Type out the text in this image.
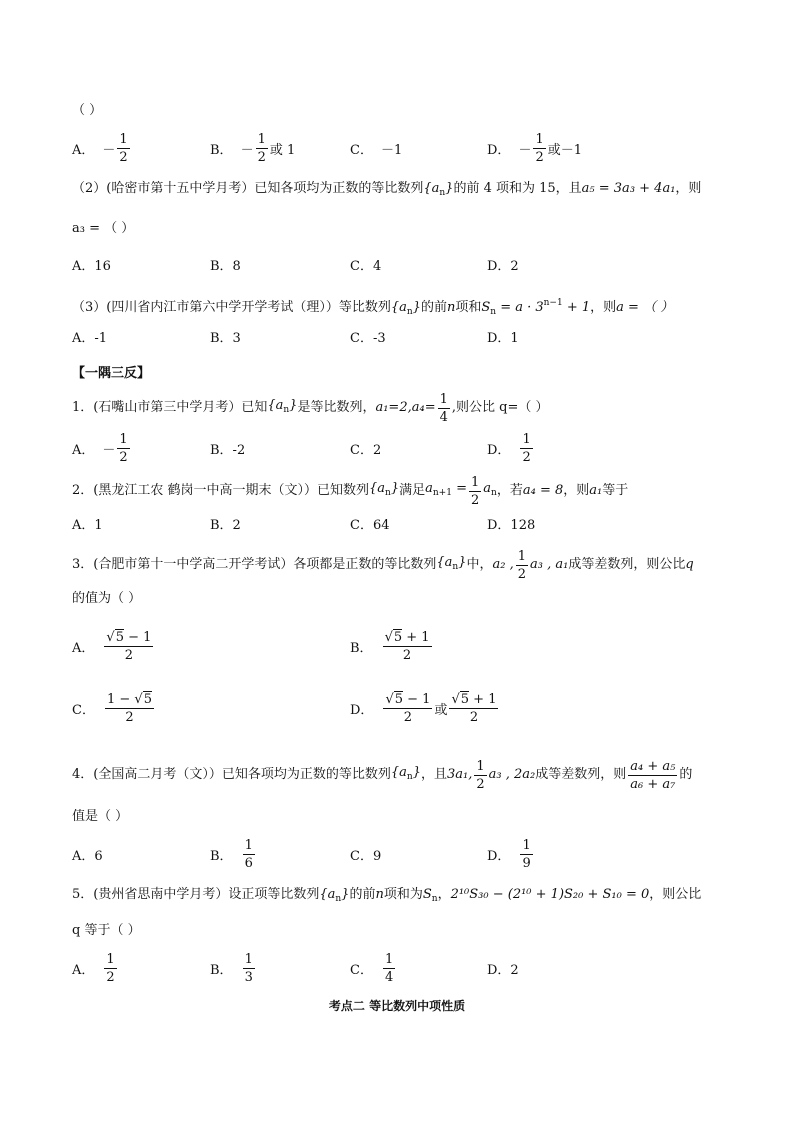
（ ）
A． － $\frac{1}{2}$	B． － $\frac{1}{2}$ 或 1	C． －1	D． － $\frac{1}{2}$ 或－1
（2）(哈密市第十五中学月考）已知各项均为正数的等比数列$\{a_n\}$的前 4 项和为 15，且a₅ = 3a₃ + 4a₁，则
a₃ = （ ）
A．16	B．8	C．4	D．2
（3）(四川省内江市第六中学开学考试（理））等比数列$\{a_n\}$的前n项和$S_n = a \cdot 3^{n-1} + 1$，则a = （ ）
A．-1	B．3	C．-3	D．1
【一隅三反】
1．(石嘴山市第三中学月考）已知 $\{a_n\}$ 是等比数列， $a_1=2,a_4= \frac{1}{4}$ ,则公比 q=（ ）
A． － $\frac{1}{2}$	B．-2	C．2	D． $\frac{1}{2}$
2．(黑龙江工农 鹤岗一中高一期末（文））已知数列 $\{a_n\}$ 满足 $a_{n+1} = \frac{1}{2} a_n$ ，若 a₄ = 8 ，则 a₁ 等于
A．1	B．2	C．64	D．128
3．(合肥市第十一中学高二开学考试）各项都是正数的等比数列 $\{a_n\}$ 中， a₂ , $\frac{1}{2} a_3$ , a₁ 成等差数列，则公比 q
的值为（ ）
A． $\frac{√5 - 1}{2}$	B． $\frac{√5 + 1}{2}$
C． $\frac{1 - √5}{2}$	D． $\frac{√5 - 1}{2}$ 或 $\frac{√5 + 1}{2}$
4．(全国高二月考（文））已知各项均为正数的等比数列 $\{a_n\}$ ，且 3a₁, $\frac{1}{2} a_3$ , 2a₂ 成等差数列，则 $\frac{\text{a₄ + a₅}}{\text{a₆ + a₇}}$ 的
值是（ ）
A．6	B． $\frac{1}{6}$	C．9	D． $\frac{1}{9}$
5．(贵州省思南中学月考）设正项等比数列$\{a_n\}$的前n项和为$S_n$，2¹⁰S₃₀ − (2¹⁰ + 1)S₂₀ + S₁₀ = 0，则公比
q 等于（ ）
A． $\frac{1}{2}$	B． $\frac{1}{3}$	C． $\frac{1}{4}$	D．2
考点二 等比数列中项性质
